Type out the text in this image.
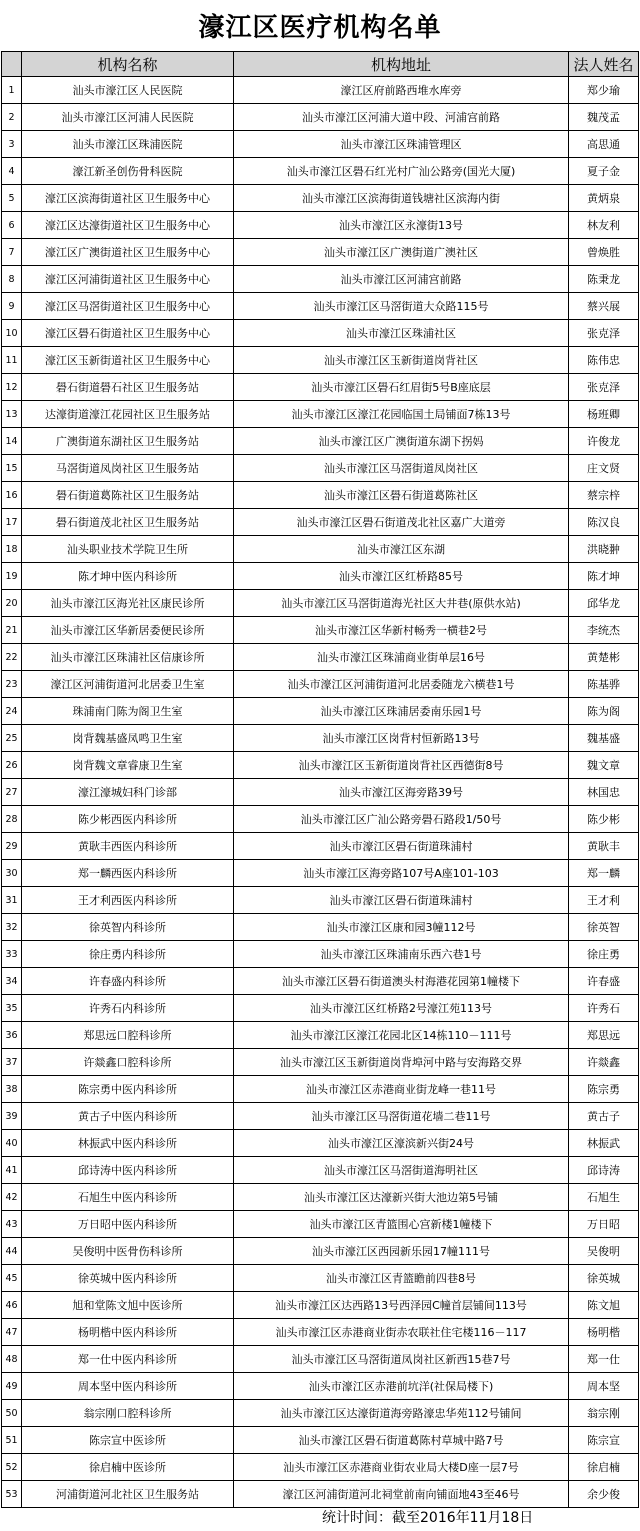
濠江区医疗机构名单
	机构名称	机构地址	法人姓名
1	汕头市濠江区人民医院	濠江区府前路西堆水库旁	郑少瑜
2	汕头市濠江区河浦人民医院	汕头市濠江区河浦大道中段、河浦宫前路	魏茂孟
3	汕头市濠江区珠浦医院	汕头市濠江区珠浦管理区	高思通
4	濠江新圣创伤骨科医院	汕头市濠江区礐石红光村广汕公路旁(国光大厦)	夏子金
5	濠江区滨海街道社区卫生服务中心	汕头市濠江区滨海街道钱塘社区滨海内街	黄炳泉
6	濠江区达濠街道社区卫生服务中心	汕头市濠江区永濠街13号	林友利
7	濠江区广澳街道社区卫生服务中心	汕头市濠江区广澳街道广澳社区	曾焕胜
8	濠江区河浦街道社区卫生服务中心	汕头市濠江区河浦宫前路	陈秉龙
9	濠江区马滘街道社区卫生服务中心	汕头市濠江区马滘街道大众路115号	蔡兴展
10	濠江区礐石街道社区卫生服务中心	汕头市濠江区珠浦社区	张克泽
11	濠江区玉新街道社区卫生服务中心	汕头市濠江区玉新街道岗背社区	陈伟忠
12	礐石街道礐石社区卫生服务站	汕头市濠江区礐石红眉街5号B座底层	张克泽
13	达濠街道濠江花园社区卫生服务站	汕头市濠江区濠江花园临国土局铺面7栋13号	杨班卿
14	广澳街道东湖社区卫生服务站	汕头市濠江区广澳街道东湖下拐妈	许俊龙
15	马滘街道凤岗社区卫生服务站	汕头市濠江区马滘街道凤岗社区	庄文贤
16	礐石街道葛陈社区卫生服务站	汕头市濠江区礐石街道葛陈社区	蔡宗梓
17	礐石街道茂北社区卫生服务站	汕头市濠江区礐石街道茂北社区嘉广大道旁	陈汉良
18	汕头职业技术学院卫生所	汕头市濠江区东湖	洪晓翀
19	陈才坤中医内科诊所	汕头市濠江区红桥路85号	陈才坤
20	汕头市濠江区海光社区康民诊所	汕头市濠江区马滘街道海光社区大井巷(原供水站)	邱华龙
21	汕头市濠江区华新居委便民诊所	汕头市濠江区华新村畅秀一横巷2号	李统杰
22	汕头市濠江区珠浦社区信康诊所	汕头市濠江区珠浦商业街单层16号	黄楚彬
23	濠江区河浦街道河北居委卫生室	汕头市濠江区河浦街道河北居委随龙六横巷1号	陈基骅
24	珠浦南门陈为阁卫生室	汕头市濠江区珠浦居委南乐园1号	陈为阁
25	岗背魏基盛凤鸣卫生室	汕头市濠江区岗背村恒新路13号	魏基盛
26	岗背魏文章睿康卫生室	汕头市濠江区玉新街道岗背社区西德街8号	魏文章
27	濠江濠城妇科门诊部	汕头市濠江区海旁路39号	林国忠
28	陈少彬西医内科诊所	汕头市濠江区广汕公路旁礐石路段1/50号	陈少彬
29	黄耿丰西医内科诊所	汕头市濠江区礐石街道珠浦村	黄耿丰
30	郑一麟西医内科诊所	汕头市濠江区海旁路107号A座101-103	郑一麟
31	王才利西医内科诊所	汕头市濠江区礐石街道珠浦村	王才利
32	徐英智内科诊所	汕头市濠江区康和园3幢112号	徐英智
33	徐庄勇内科诊所	汕头市濠江区珠浦南乐西六巷1号	徐庄勇
34	许春盛内科诊所	汕头市濠江区礐石街道澳头村海港花园第1幢楼下	许春盛
35	许秀石内科诊所	汕头市濠江区红桥路2号濠江苑113号	许秀石
36	郑思远口腔科诊所	汕头市濠江区濠江花园北区14栋110－111号	郑思远
37	许燚鑫口腔科诊所	汕头市濠江区玉新街道岗背埠河中路与安海路交界	许燚鑫
38	陈宗勇中医内科诊所	汕头市濠江区赤港商业街龙峰一巷11号	陈宗勇
39	黄古子中医内科诊所	汕头市濠江区马滘街道花墙二巷11号	黄古子
40	林振武中医内科诊所	汕头市濠江区濠滨新兴街24号	林振武
41	邱诗涛中医内科诊所	汕头市濠江区马滘街道海明社区	邱诗涛
42	石旭生中医内科诊所	汕头市濠江区达濠新兴街大池边第5号铺	石旭生
43	万日昭中医内科诊所	汕头市濠江区青篮围心宫新楼1幢楼下	万日昭
44	吴俊明中医骨伤科诊所	汕头市濠江区西园新乐园17幢111号	吴俊明
45	徐英城中医内科诊所	汕头市濠江区青篮瞻前四巷8号	徐英城
46	旭和堂陈文旭中医诊所	汕头市濠江区达西路13号西泽园C幢首层铺间113号	陈文旭
47	杨明楷中医内科诊所	汕头市濠江区赤港商业街赤农联社住宅楼116－117	杨明楷
48	郑一仕中医内科诊所	汕头市濠江区马滘街道凤岗社区新西15巷7号	郑一仕
49	周本坚中医内科诊所	汕头市濠江区赤港前坑洋(社保局楼下)	周本坚
50	翁宗刚口腔科诊所	汕头市濠江区达濠街道海旁路濠忠华苑112号铺间	翁宗刚
51	陈宗宣中医诊所	汕头市濠江区礐石街道葛陈村草城中路7号	陈宗宣
52	徐启楠中医诊所	汕头市濠江区赤港商业街农业局大楼D座一层7号	徐启楠
53	河浦街道河北社区卫生服务站	濠江区河浦街道河北祠堂前南向铺面地43至46号	余少俊
统计时间：截至2016年11月18日
